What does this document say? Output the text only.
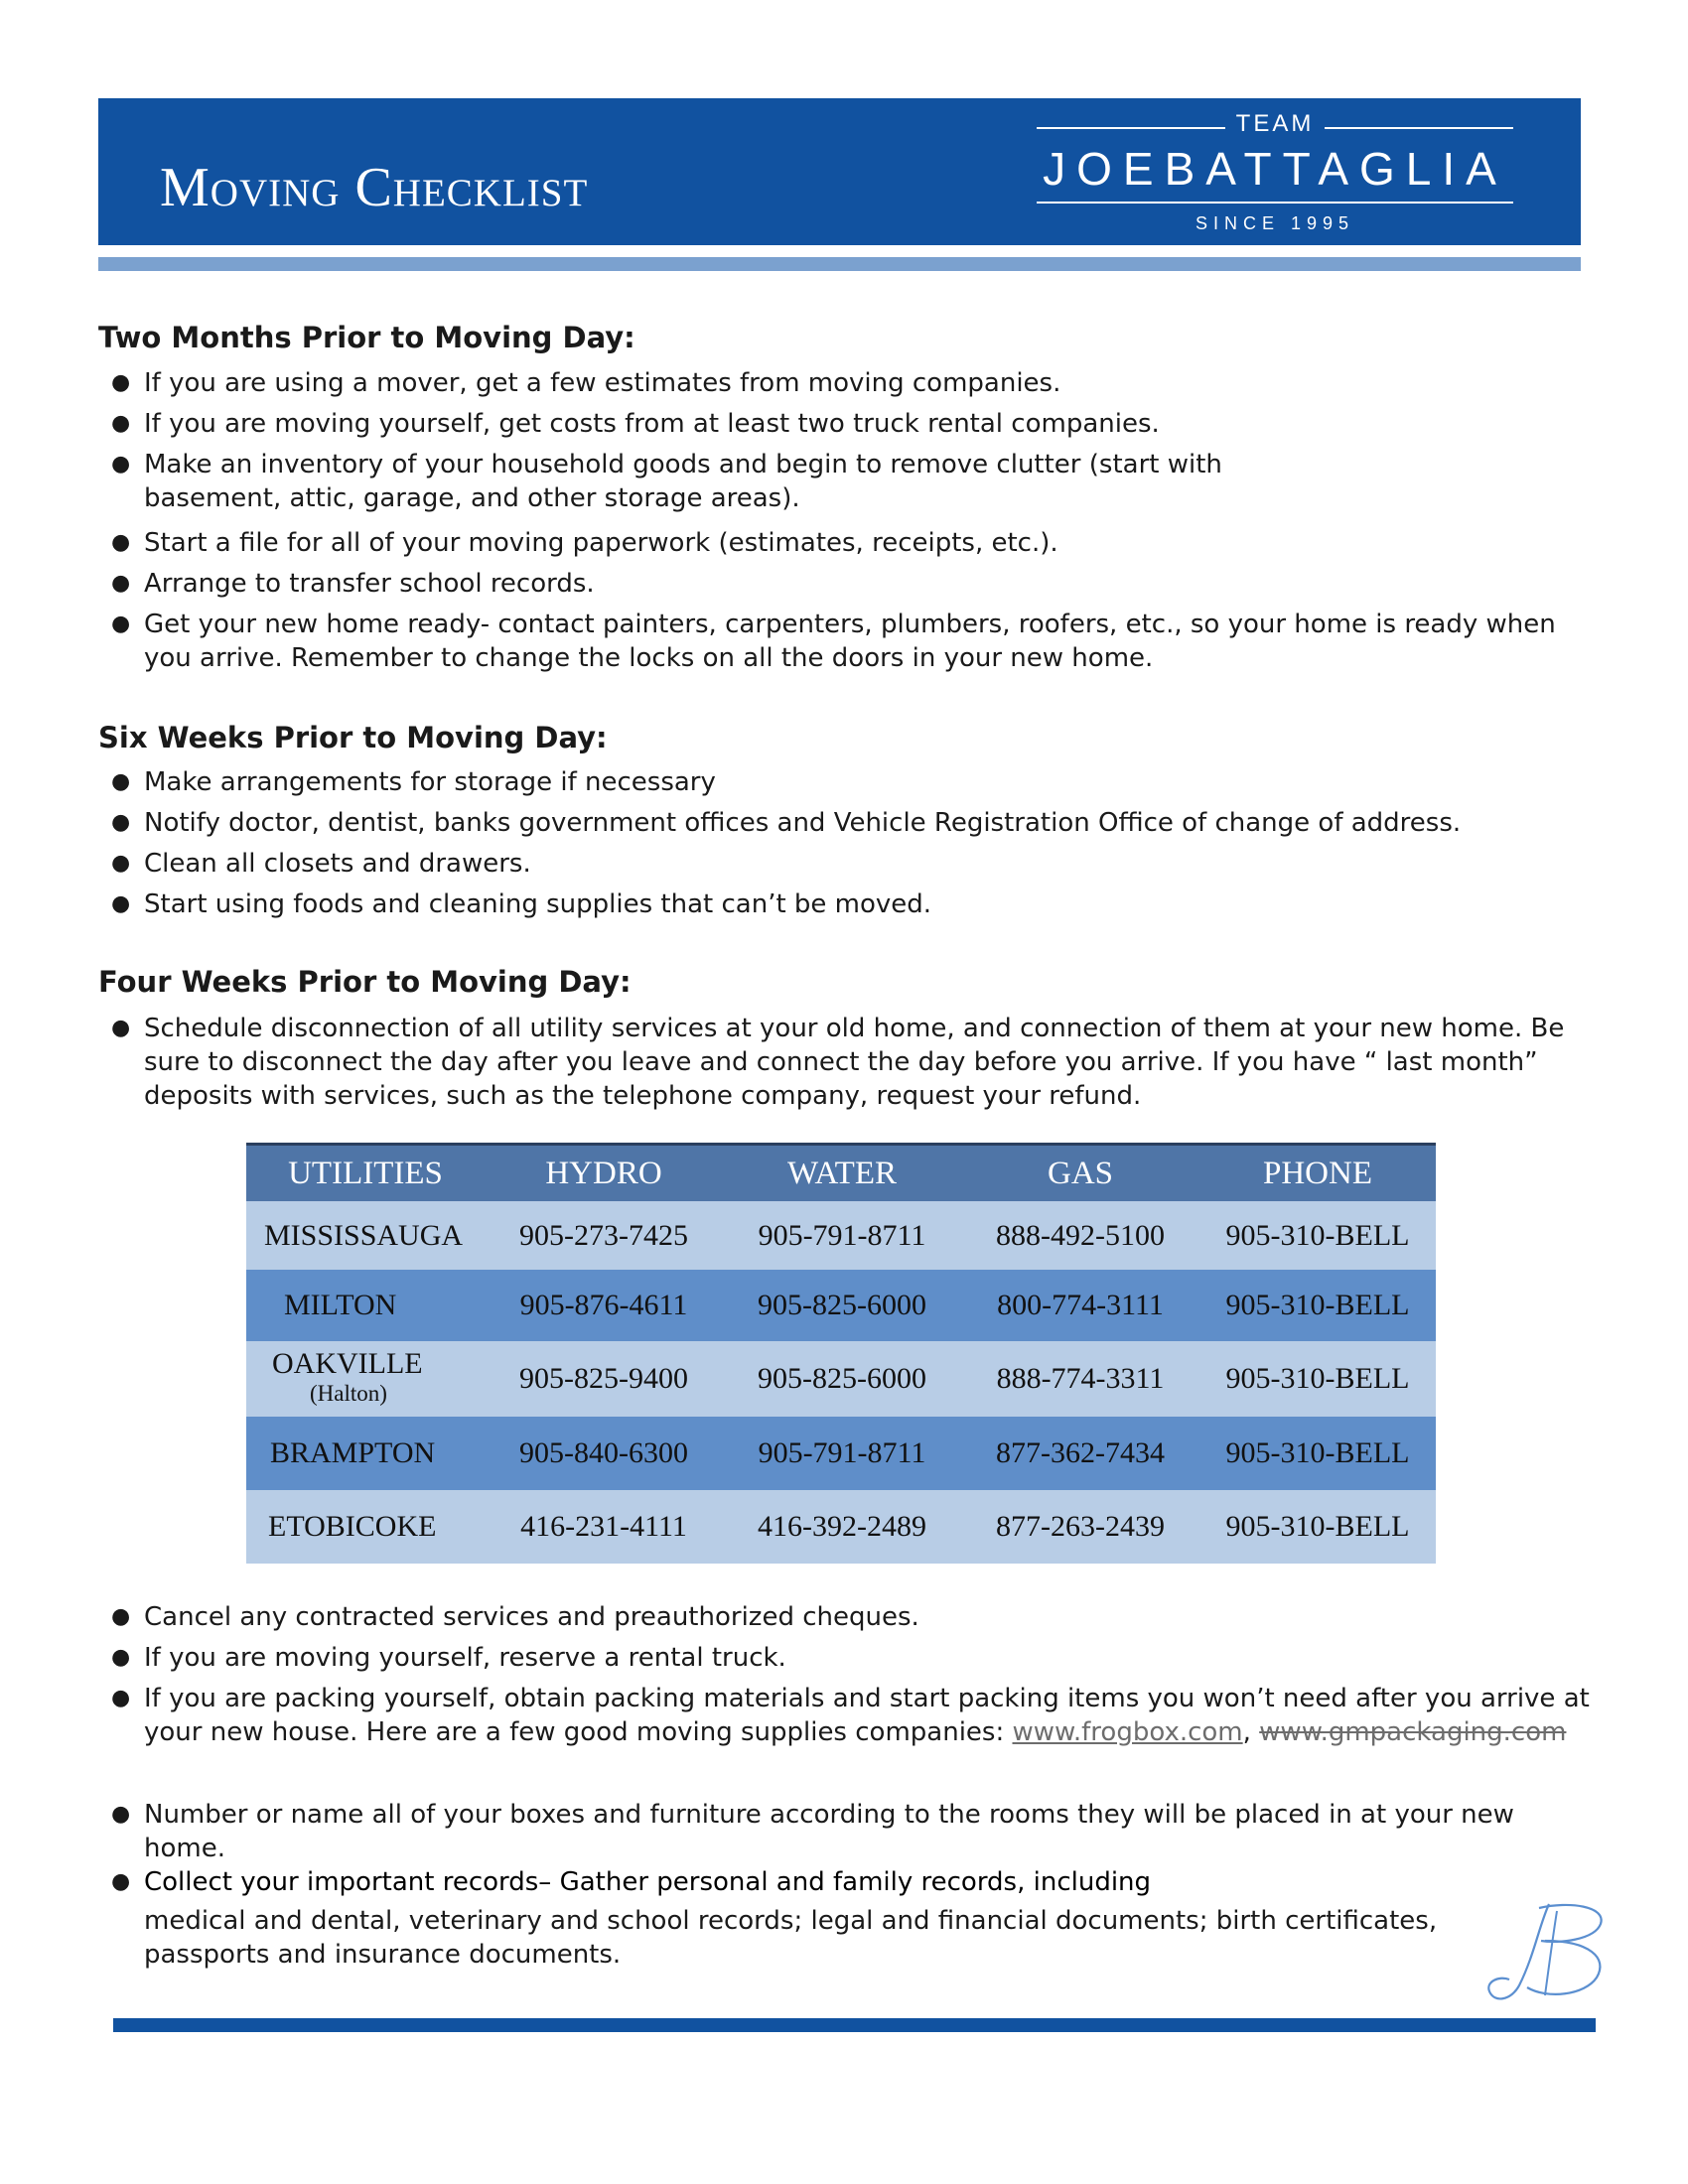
Moving Checklist
TEAM
JOEBATTAGLIA
SINCE 1995
Two Months Prior to Moving Day:
● If you are using a mover, get a few estimates from moving companies.
● If you are moving yourself, get costs from at least two truck rental companies.
● Make an inventory of your household goods and begin to remove clutter (start with basement, attic, garage, and other storage areas).
● Start a file for all of your moving paperwork (estimates, receipts, etc.).
● Arrange to transfer school records.
● Get your new home ready- contact painters, carpenters, plumbers, roofers, etc., so your home is ready when you arrive. Remember to change the locks on all the doors in your new home.
Six Weeks Prior to Moving Day:
● Make arrangements for storage if necessary
● Notify doctor, dentist, banks government offices and Vehicle Registration Office of change of address.
● Clean all closets and drawers.
● Start using foods and cleaning supplies that can’t be moved.
Four Weeks Prior to Moving Day:
● Schedule disconnection of all utility services at your old home, and connection of them at your new home. Be sure to disconnect the day after you leave and connect the day before you arrive. If you have “ last month” deposits with services, such as the telephone company, request your refund.
UTILITIES	HYDRO	WATER	GAS	PHONE
MISSISSAUGA	905-273-7425	905-791-8711	888-492-5100	905-310-BELL
MILTON	905-876-4611	905-825-6000	800-774-3111	905-310-BELL
OAKVILLE
(Halton)	905-825-9400	905-825-6000	888-774-3311	905-310-BELL
BRAMPTON	905-840-6300	905-791-8711	877-362-7434	905-310-BELL
ETOBICOKE	416-231-4111	416-392-2489	877-263-2439	905-310-BELL
● Cancel any contracted services and preauthorized cheques.
● If you are moving yourself, reserve a rental truck.
● If you are packing yourself, obtain packing materials and start packing items you won’t need after you arrive at your new house. Here are a few good moving supplies companies: www.frogbox.com, www.gmpackaging.com
● Number or name all of your boxes and furniture according to the rooms they will be placed in at your new home.
● Collect your important records– Gather personal and family records, including
medical and dental, veterinary and school records; legal and financial documents; birth certificates, passports and insurance documents.
